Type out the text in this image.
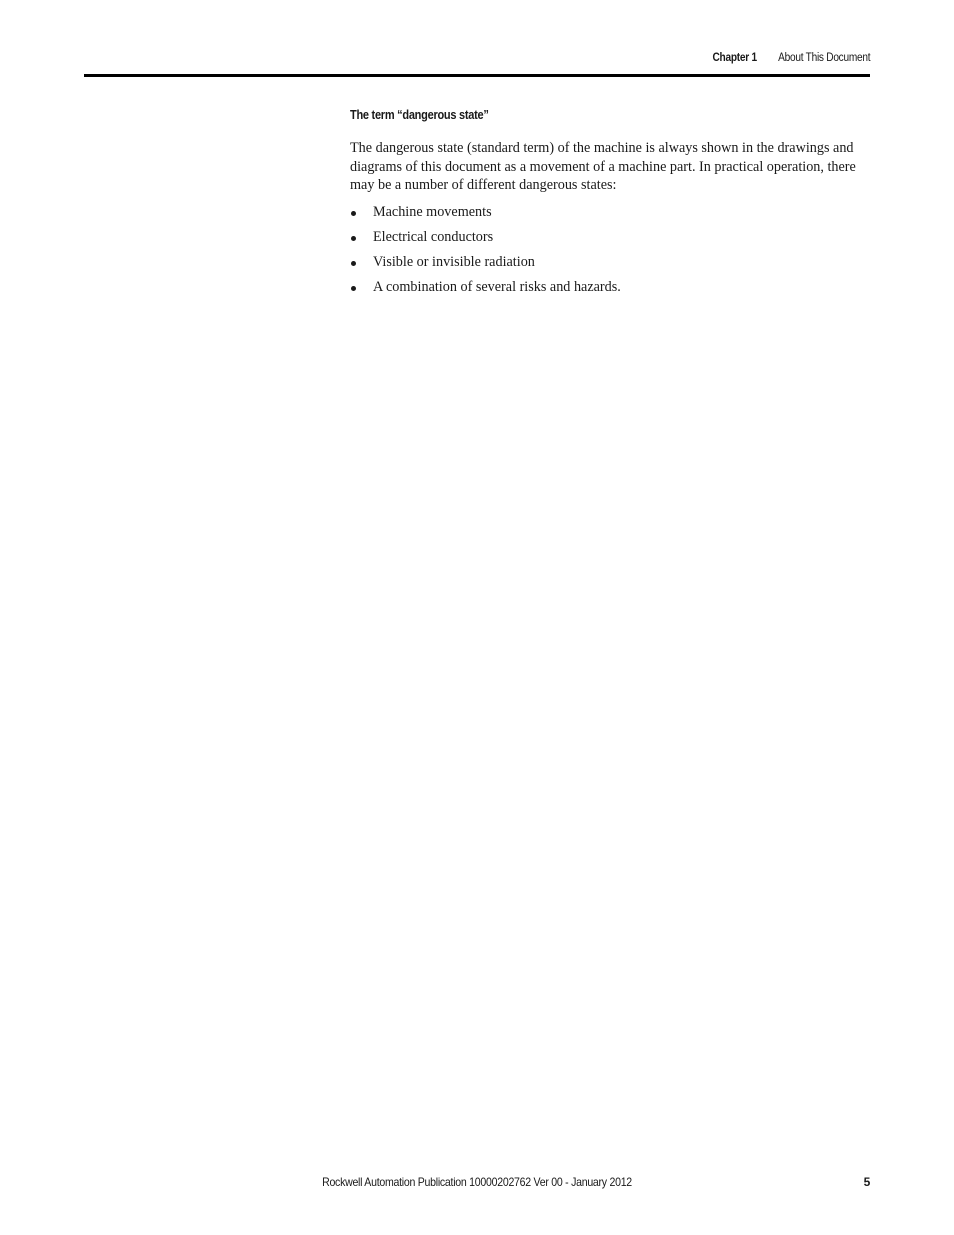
Chapter 1 About This Document
The term “dangerous state”

The dangerous state (standard term) of the machine is always shown in the drawings and diagrams of this document as a movement of a machine part. In practical operation, there may be a number of different dangerous states:

Machine movements
Electrical conductors
Visible or invisible radiation
A combination of several risks and hazards.
Rockwell Automation Publication 10000202762 Ver 00 - January 2012	5
